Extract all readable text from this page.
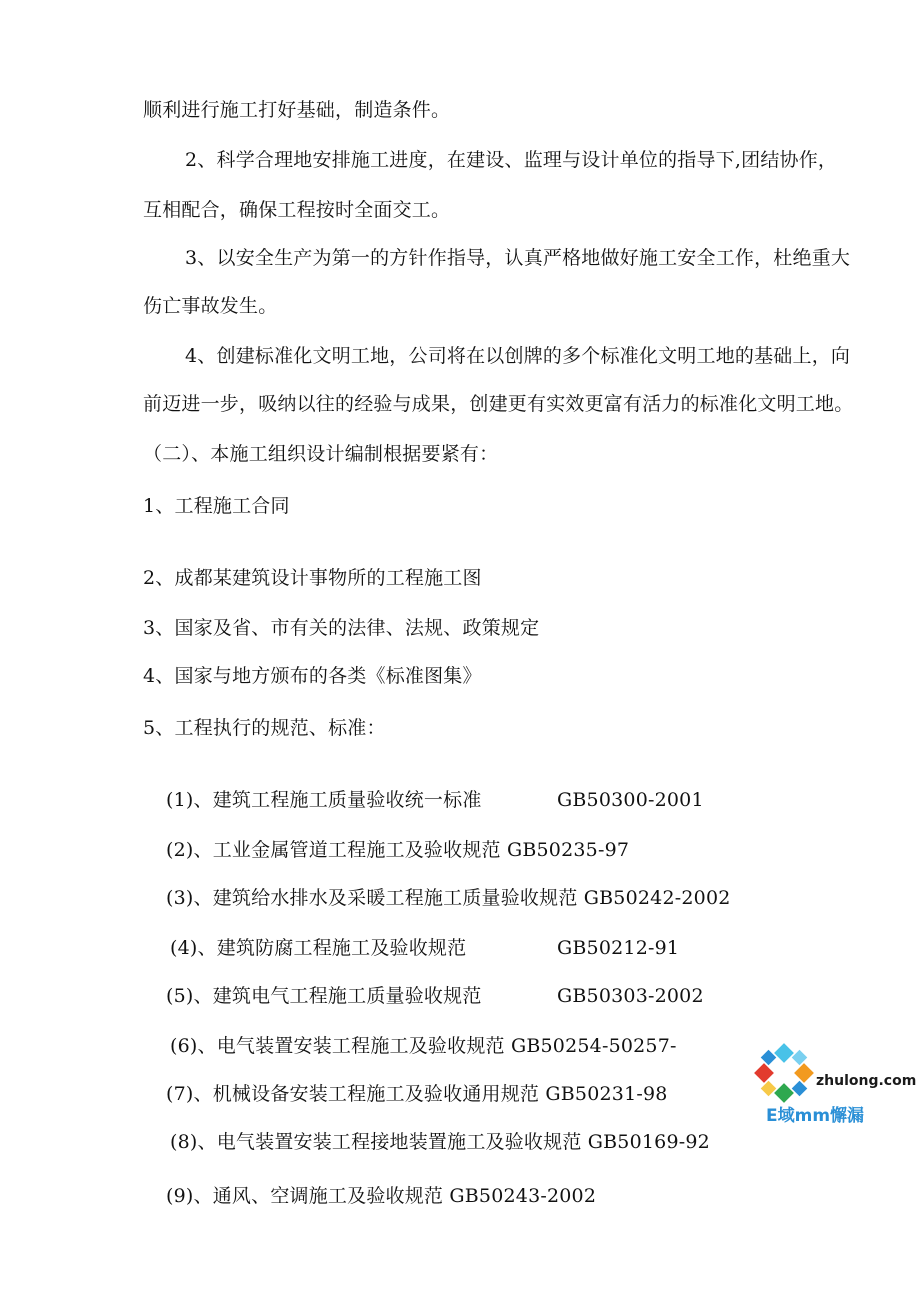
顺利进行施工打好基础，制造条件。

2、科学合理地安排施工进度，在建设、监理与设计单位的指导下,团结协作，

互相配合，确保工程按时全面交工。

3、以安全生产为第一的方针作指导，认真严格地做好施工安全工作，杜绝重大

伤亡事故发生。

4、创建标准化文明工地，公司将在以创牌的多个标准化文明工地的基础上，向

前迈进一步，吸纳以往的经验与成果，创建更有实效更富有活力的标准化文明工地。

（二）、本施工组织设计编制根据要紧有：

1、工程施工合同

2、成都某建筑设计事物所的工程施工图

3、国家及省、市有关的法律、法规、政策规定

4、国家与地方颁布的各类《标准图集》

5、工程执行的规范、标准：

(1)、建筑工程施工质量验收统一标准	GB50300-2001

(2)、工业金属管道工程施工及验收规范 GB50235-97

(3)、建筑给水排水及采暖工程施工质量验收规范 GB50242-2002

(4)、建筑防腐工程施工及验收规范	GB50212-91

(5)、建筑电气工程施工质量验收规范	GB50303-2002

(6)、电气装置安装工程施工及验收规范 GB50254-50257-

(7)、机械设备安装工程施工及验收通用规范 GB50231-98

(8)、电气装置安装工程接地装置施工及验收规范 GB50169-92

(9)、通风、空调施工及验收规范 GB50243-2002

zhulong.com
E域mm懈漏
